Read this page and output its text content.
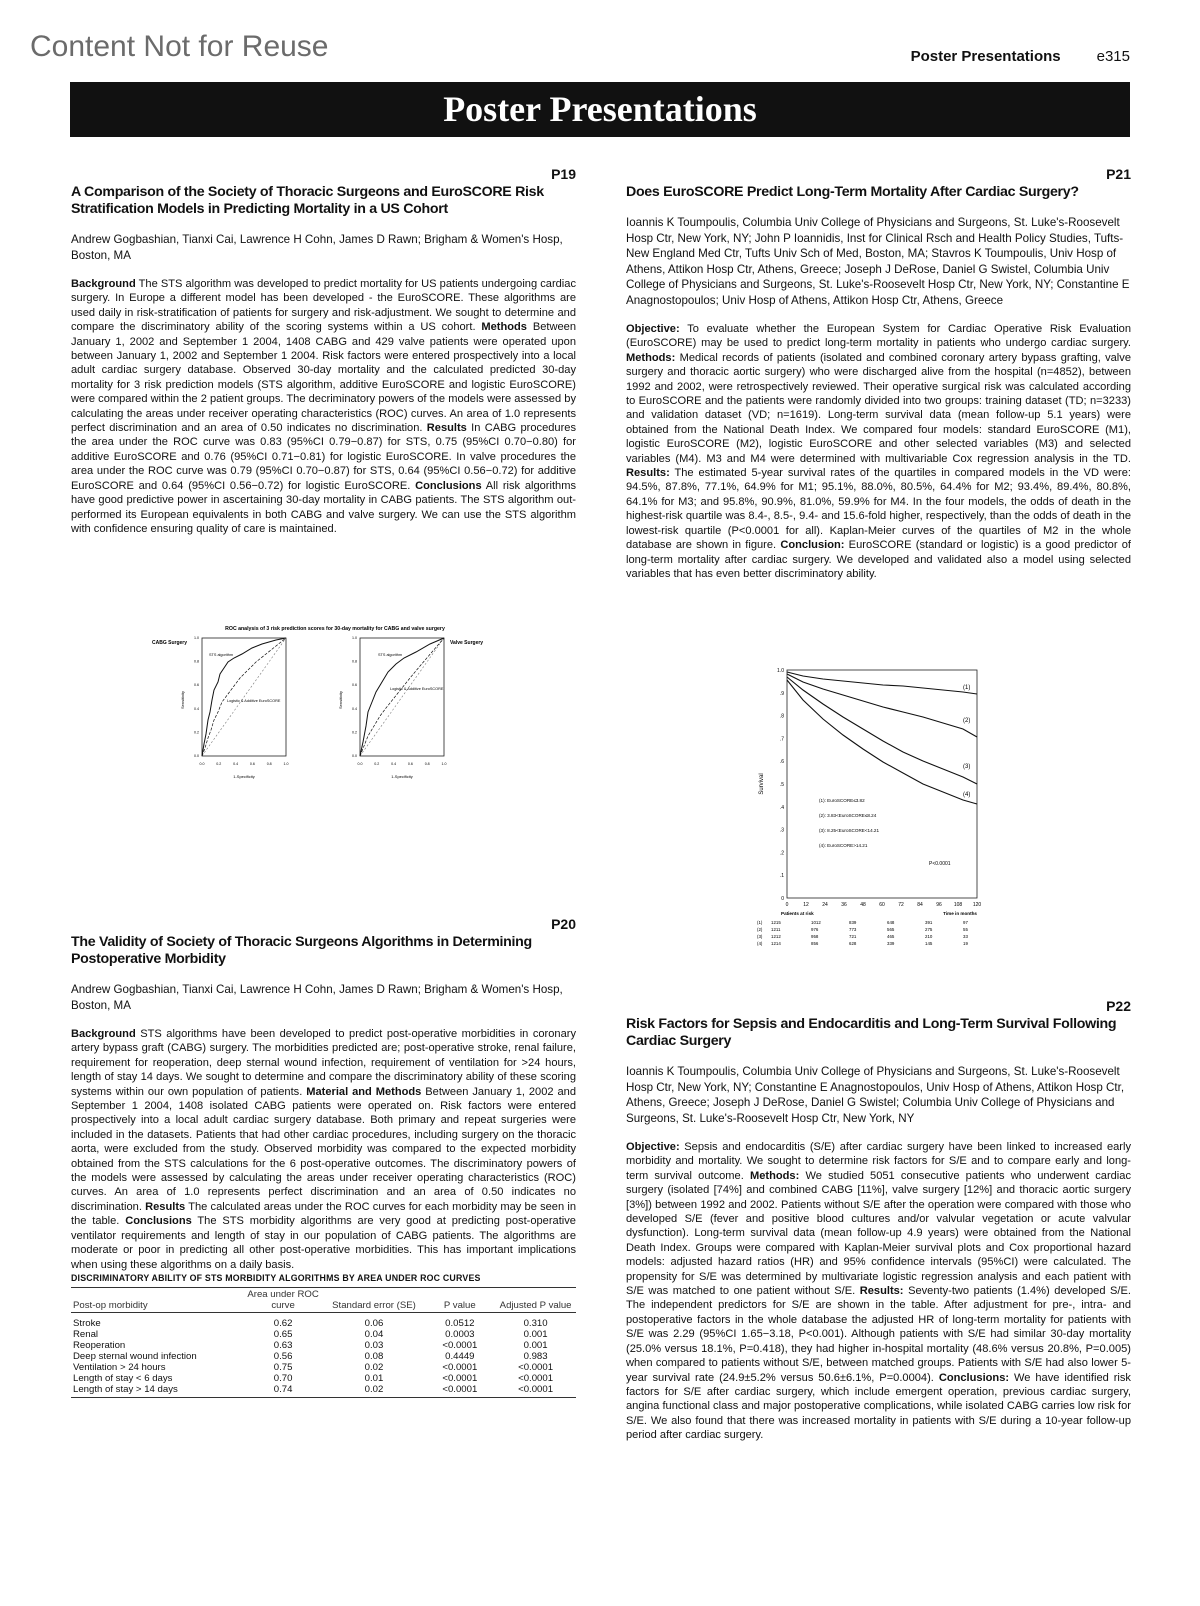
Content Not for Reuse	Poster Presentations e315
Poster Presentations
P19
A Comparison of the Society of Thoracic Surgeons and EuroSCORE Risk Stratification Models in Predicting Mortality in a US Cohort

Andrew Gogbashian, Tianxi Cai, Lawrence H Cohn, James D Rawn; Brigham & Women's Hosp, Boston, MA

Background The STS algorithm was developed to predict mortality for US patients undergoing cardiac surgery. In Europe a different model has been developed - the EuroSCORE. These algorithms are used daily in risk-stratification of patients for surgery and risk-adjustment. We sought to determine and compare the discriminatory ability of the scoring systems within a US cohort. Methods Between January 1, 2002 and September 1 2004, 1408 CABG and 429 valve patients were operated upon between January 1, 2002 and September 1 2004. Risk factors were entered prospectively into a local adult cardiac surgery database. Observed 30-day mortality and the calculated predicted 30-day mortality for 3 risk prediction models (STS algorithm, additive EuroSCORE and logistic EuroSCORE) were compared within the 2 patient groups. The decriminatory powers of the models were assessed by calculating the areas under receiver operating characteristics (ROC) curves. An area of 1.0 represents perfect discrimination and an area of 0.50 indicates no discrimination. Results In CABG procedures the area under the ROC curve was 0.83 (95%CI 0.79−0.87) for STS, 0.75 (95%CI 0.70−0.80) for additive EuroSCORE and 0.76 (95%CI 0.71−0.81) for logistic EuroSCORE. In valve procedures the area under the ROC curve was 0.79 (95%CI 0.70−0.87) for STS, 0.64 (95%CI 0.56−0.72) for additive EuroSCORE and 0.64 (95%CI 0.56−0.72) for logistic EuroSCORE. Conclusions All risk algorithms have good predictive power in ascertaining 30-day mortality in CABG patients. The STS algorithm out-performed its European equivalents in both CABG and valve surgery. We can use the STS algorithm with confidence ensuring quality of care is maintained.

ROC analysis of 3 risk prediction scores for 30-day mortality for CABG and valve surgery
CABG Surgery
STS algorithm
Logistic & Additive EuroSCORE
Sensitivity
1-Specificity
0.0	0.2	0.4	0.6	0.8	1.0
0.0
0.2
0.4
0.6
0.8
1.0
Valve Surgery
STS algorithm
Logistic & Additive EuroSCORE
Sensitivity
1-Specificity
0.0	0.2	0.4	0.6	0.8	1.0
0.0
0.2
0.4
0.6
0.8
1.0
P20
The Validity of Society of Thoracic Surgeons Algorithms in Determining Postoperative Morbidity

Andrew Gogbashian, Tianxi Cai, Lawrence H Cohn, James D Rawn; Brigham & Women's Hosp, Boston, MA

Background STS algorithms have been developed to predict post-operative morbidities in coronary artery bypass graft (CABG) surgery. The morbidities predicted are; post-operative stroke, renal failure, requirement for reoperation, deep sternal wound infection, requirement of ventilation for >24 hours, length of stay 14 days. We sought to determine and compare the discriminatory ability of these scoring systems within our own population of patients. Material and Methods Between January 1, 2002 and September 1 2004, 1408 isolated CABG patients were operated on. Risk factors were entered prospectively into a local adult cardiac surgery database. Both primary and repeat surgeries were included in the datasets. Patients that had other cardiac procedures, including surgery on the thoracic aorta, were excluded from the study. Observed morbidity was compared to the expected morbidity obtained from the STS calculations for the 6 post-operative outcomes. The discriminatory powers of the models were assessed by calculating the areas under receiver operating characteristics (ROC) curves. An area of 1.0 represents perfect discrimination and an area of 0.50 indicates no discrimination. Results The calculated areas under the ROC curves for each morbidity may be seen in the table. Conclusions The STS morbidity algorithms are very good at predicting post-operative ventilator requirements and length of stay in our population of CABG patients. The algorithms are moderate or poor in predicting all other post-operative morbidities. This has important implications when using these algorithms on a daily basis.

DISCRIMINATORY ABILITY OF STS MORBIDITY ALGORITHMS BY AREA UNDER ROC CURVES
Post-op morbidity	Area under ROC curve	Standard error (SE)	P value	Adjusted P value
Stroke	0.62	0.06	0.0512	0.310
Renal	0.65	0.04	0.0003	0.001
Reoperation	0.63	0.03	<0.0001	0.001
Deep sternal wound infection	0.56	0.08	0.4449	0.983
Ventilation > 24 hours	0.75	0.02	<0.0001	<0.0001
Length of stay < 6 days	0.70	0.01	<0.0001	<0.0001
Length of stay > 14 days	0.74	0.02	<0.0001	<0.0001
P21
Does EuroSCORE Predict Long-Term Mortality After Cardiac Surgery?

Ioannis K Toumpoulis, Columbia Univ College of Physicians and Surgeons, St. Luke's-Roosevelt Hosp Ctr, New York, NY; John P Ioannidis, Inst for Clinical Rsch and Health Policy Studies, Tufts-New England Med Ctr, Tufts Univ Sch of Med, Boston, MA; Stavros K Toumpoulis, Univ Hosp of Athens, Attikon Hosp Ctr, Athens, Greece; Joseph J DeRose, Daniel G Swistel, Columbia Univ College of Physicians and Surgeons, St. Luke's-Roosevelt Hosp Ctr, New York, NY; Constantine E Anagnostopoulos; Univ Hosp of Athens, Attikon Hosp Ctr, Athens, Greece

Objective: To evaluate whether the European System for Cardiac Operative Risk Evaluation (EuroSCORE) may be used to predict long-term mortality in patients who undergo cardiac surgery. Methods: Medical records of patients (isolated and combined coronary artery bypass grafting, valve surgery and thoracic aortic surgery) who were discharged alive from the hospital (n=4852), between 1992 and 2002, were retrospectively reviewed. Their operative surgical risk was calculated according to EuroSCORE and the patients were randomly divided into two groups: training dataset (TD; n=3233) and validation dataset (VD; n=1619). Long-term survival data (mean follow-up 5.1 years) were obtained from the National Death Index. We compared four models: standard EuroSCORE (M1), logistic EuroSCORE (M2), logistic EuroSCORE and other selected variables (M3) and selected variables (M4). M3 and M4 were determined with multivariable Cox regression analysis in the TD. Results: The estimated 5-year survival rates of the quartiles in compared models in the VD were: 94.5%, 87.8%, 77.1%, 64.9% for M1; 95.1%, 88.0%, 80.5%, 64.4% for M2; 93.4%, 89.4%, 80.8%, 64.1% for M3; and 95.8%, 90.9%, 81.0%, 59.9% for M4. In the four models, the odds of death in the highest-risk quartile was 8.4-, 8.5-, 9.4- and 15.6-fold higher, respectively, than the odds of death in the lowest-risk quartile (P<0.0001 for all). Kaplan-Meier curves of the quartiles of M2 in the whole database are shown in figure. Conclusion: EuroSCORE (standard or logistic) is a good predictor of long-term mortality after cardiac surgery. We developed and validated also a model using selected variables that has even better discriminatory ability.

Survival
1.0
.9
.8
.7
.6
.5
.4
.3
.2
.1
0
0	12	24	36	48	60	72	84	96 108 120
(1)
(2)
(3)
(4)
(1): EuroSCORE≤3.82
(2): 3.83<EuroSCORE≤8.24
(3): 8.25<EuroSCORE<14.21
(4): EuroSCORE>14.21
P<0.0001
Patients at risk	Time in months
(1) 1215	1012	839	648	391	97
(2) 1211	976	773	565	275	55
(3) 1212	958	721	465	210	33
(4) 1214	856	628	339	145	19
P22
Risk Factors for Sepsis and Endocarditis and Long-Term Survival Following Cardiac Surgery

Ioannis K Toumpoulis, Columbia Univ College of Physicians and Surgeons, St. Luke's-Roosevelt Hosp Ctr, New York, NY; Constantine E Anagnostopoulos, Univ Hosp of Athens, Attikon Hosp Ctr, Athens, Greece; Joseph J DeRose, Daniel G Swistel; Columbia Univ College of Physicians and Surgeons, St. Luke's-Roosevelt Hosp Ctr, New York, NY

Objective: Sepsis and endocarditis (S/E) after cardiac surgery have been linked to increased early morbidity and mortality. We sought to determine risk factors for S/E and to compare early and long-term survival outcome. Methods: We studied 5051 consecutive patients who underwent cardiac surgery (isolated [74%] and combined CABG [11%], valve surgery [12%] and thoracic aortic surgery [3%]) between 1992 and 2002. Patients without S/E after the operation were compared with those who developed S/E (fever and positive blood cultures and/or valvular vegetation or acute valvular dysfunction). Long-term survival data (mean follow-up 4.9 years) were obtained from the National Death Index. Groups were compared with Kaplan-Meier survival plots and Cox proportional hazard models: adjusted hazard ratios (HR) and 95% confidence intervals (95%CI) were calculated. The propensity for S/E was determined by multivariate logistic regression analysis and each patient with S/E was matched to one patient without S/E. Results: Seventy-two patients (1.4%) developed S/E. The independent predictors for S/E are shown in the table. After adjustment for pre-, intra- and postoperative factors in the whole database the adjusted HR of long-term mortality for patients with S/E was 2.29 (95%CI 1.65−3.18, P<0.001). Although patients with S/E had similar 30-day mortality (25.0% versus 18.1%, P=0.418), they had higher in-hospital mortality (48.6% versus 20.8%, P=0.005) when compared to patients without S/E, between matched groups. Patients with S/E had also lower 5-year survival rate (24.9±5.2% versus 50.6±6.1%, P=0.0004). Conclusions: We have identified risk factors for S/E after cardiac surgery, which include emergent operation, previous cardiac surgery, angina functional class and major postoperative complications, while isolated CABG carries low risk for S/E. We also found that there was increased mortality in patients with S/E during a 10-year follow-up period after cardiac surgery.
